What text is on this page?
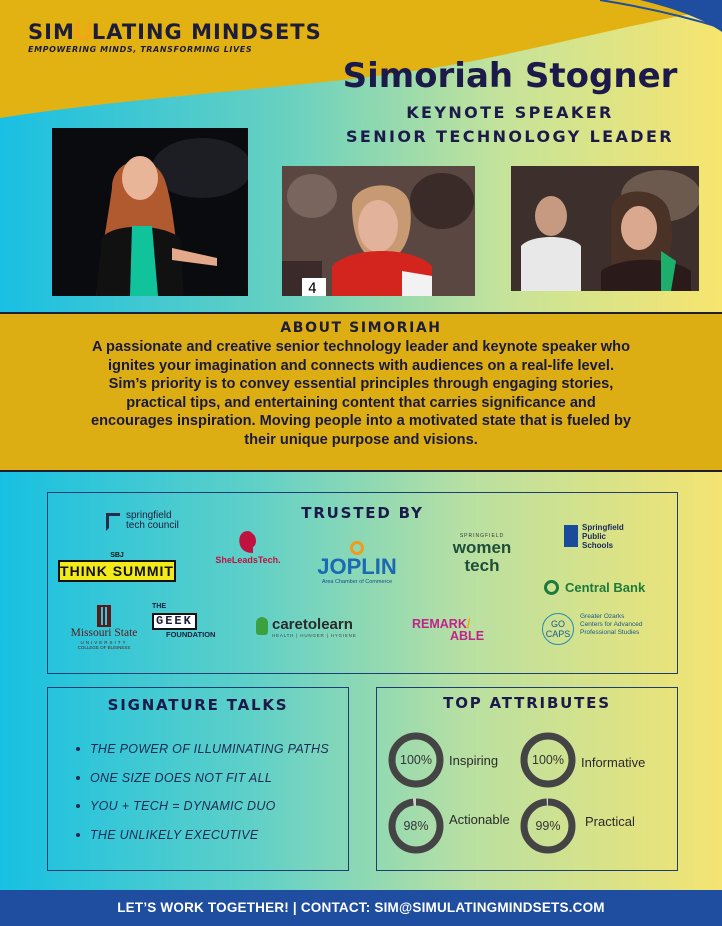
SIM LATING MINDSETS
EMPOWERING MINDS, TRANSFORMING LIVES
Simoriah Stogner
KEYNOTE SPEAKER
SENIOR TECHNOLOGY LEADER
4
ABOUT SIMORIAH
A passionate and creative senior technology leader and keynote speaker who
ignites your imagination and connects with audiences on a real-life level.
Sim’s priority is to convey essential principles through engaging stories,
practical tips, and entertaining content that carries significance and
encourages inspiration. Moving people into a motivated state that is fueled by
their unique purpose and visions.
TRUSTED BY
springfield
tech council
SBJ
THINK SUMMIT
SheLeadsTech. JOPLIN
Area Chamber of Commerce
SPRINGFIELD
women
tech
Springfield
Public
Schools
Central Bank
Missouri State
UNIVERSITY
COLLEGE OF BUSINESS
THE
GEEK
FOUNDATION
caretolearn
HEALTH | HUNGER | HYGIENE
REMARK/
ABLE
GO
CAPS
Greater Ozarks
Centers for Advanced
Professional Studies
SIGNATURE TALKS
THE POWER OF ILLUMINATING PATHS
ONE SIZE DOES NOT FIT ALL
YOU + TECH = DYNAMIC DUO
THE UNLIKELY EXECUTIVE
TOP ATTRIBUTES
100%	Inspiring	100%	Informative
98%	Actionable	99%	Practical
LET’S WORK TOGETHER! | CONTACT: SIM@SIMULATINGMINDSETS.COM
